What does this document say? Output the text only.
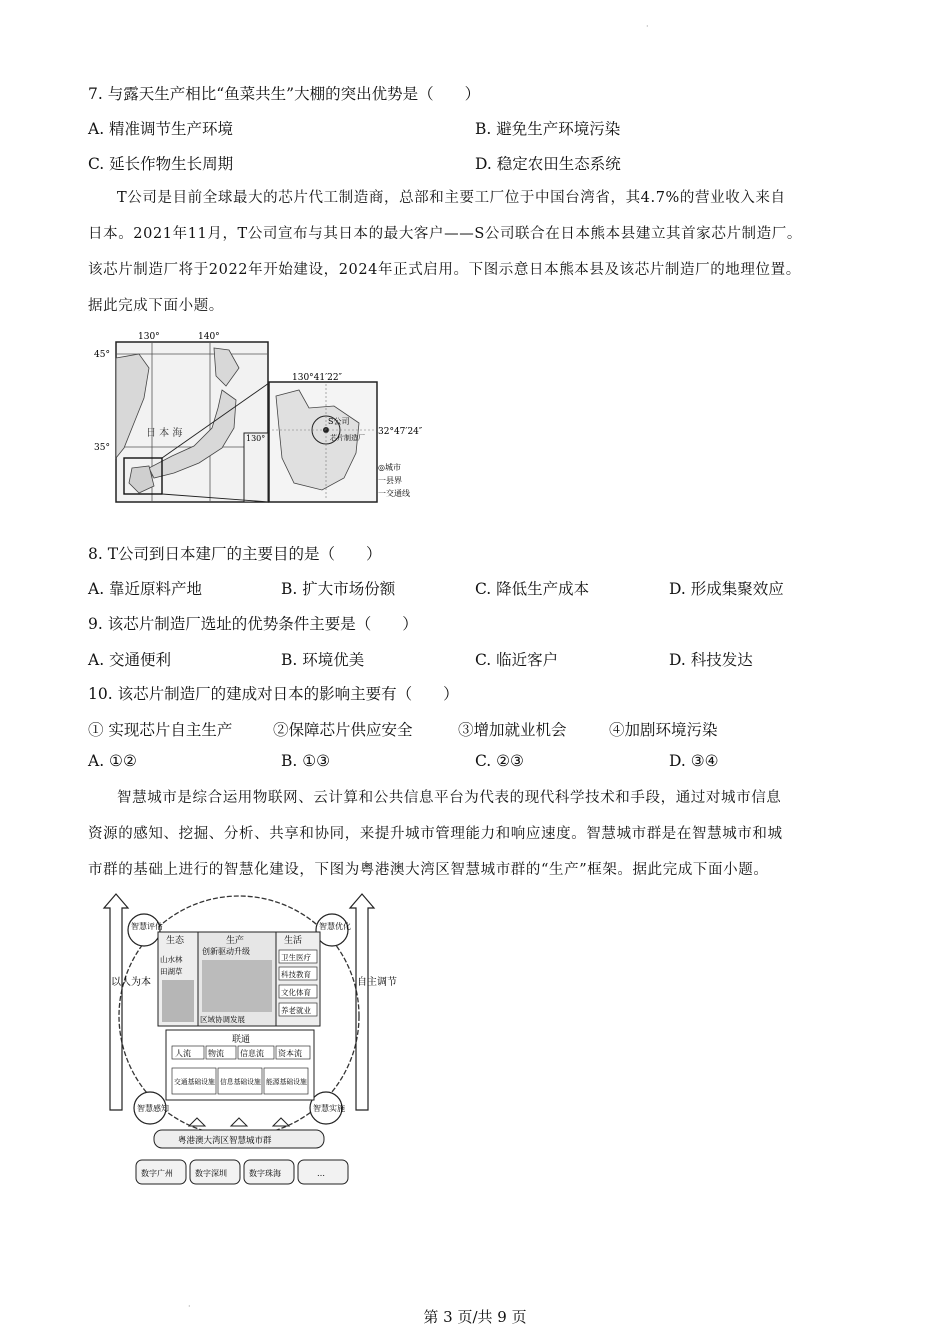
·
7. 与露天生产相比“鱼菜共生”大棚的突出优势是（　　）
A. 精准调节生产环境	B. 避免生产环境污染
C. 延长作物生长周期	D. 稳定农田生态系统

T公司是目前全球最大的芯片代工制造商，总部和主要工厂位于中国台湾省，其4.7%的营业收入来自

日本。2021年11月，T公司宣布与其日本的最大客户——S公司联合在日本熊本县建立其首家芯片制造厂。

该芯片制造厂将于2022年开始建设，2024年正式启用。下图示意日本熊本县及该芯片制造厂的地理位置。

据此完成下面小题。

日 本 海
130°	140°
45°
35°
130°
S公司
芯片制造厂
130°41′22″
32°47′24″
◎城市
一县界
一交通线
8. T公司到日本建厂的主要目的是（　　）
A. 靠近原料产地	B. 扩大市场份额	C. 降低生产成本	D. 形成集聚效应
9. 该芯片制造厂选址的优势条件主要是（　　）
A. 交通便利	B. 环境优美	C. 临近客户	D. 科技发达
10. 该芯片制造厂的建成对日本的影响主要有（　　）
① 实现芯片自主生产	②保障芯片供应安全	③增加就业机会	④加剧环境污染
A. ①②	B. ①③	C. ②③	D. ③④

智慧城市是综合运用物联网、云计算和公共信息平台为代表的现代科学技术和手段，通过对城市信息

资源的感知、挖掘、分析、共享和协同，来提升城市管理能力和响应速度。智慧城市群是在智慧城市和城

市群的基础上进行的智慧化建设，下图为粤港澳大湾区智慧城市群的“生产”框架。据此完成下面小题。

以人为本	自主调节
智慧评估	智慧优化
智慧感知	智慧实施
生态	生产
创新驱动升级
生活
山水林
田湖草
区域协调发展
卫生医疗
科技教育
文化体育
养老就业
联通
人流 物流 信息流 资本流
交通基础设施 信息基础设施 能源基础设施
粤港澳大湾区智慧城市群
数字广州	数字深圳	数字珠海	…
·
第 3 页/共 9 页
